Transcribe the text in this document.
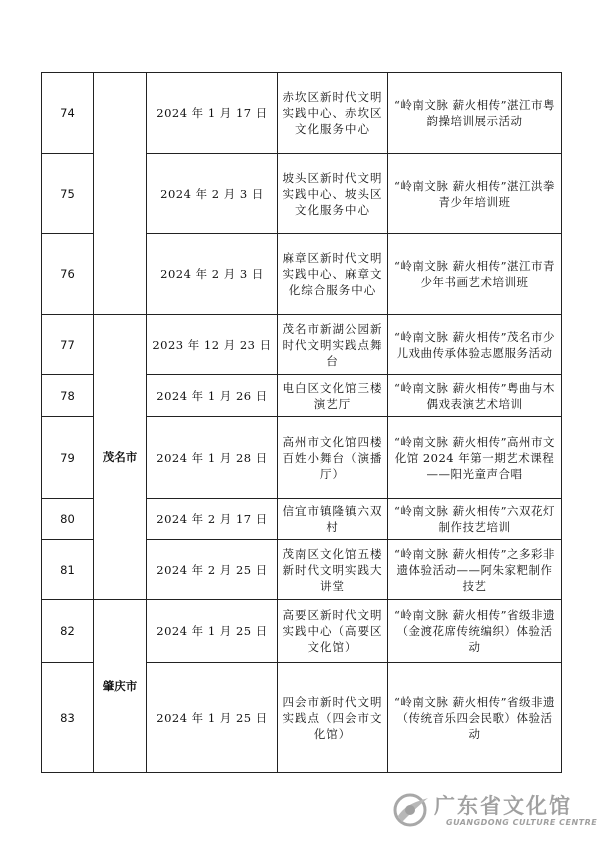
74		2024 年 1 月 17 日	赤坎区新时代文明实践中心、赤坎区文化服务中心	“岭南文脉 薪火相传”湛江市粤韵操培训展示活动
75		2024 年 2 月 3 日	坡头区新时代文明实践中心、坡头区文化服务中心	“岭南文脉 薪火相传”湛江洪拳青少年培训班
76		2024 年 2 月 3 日	麻章区新时代文明实践中心、麻章文化综合服务中心	“岭南文脉 薪火相传”湛江市青少年书画艺术培训班
77	茂名市	2023 年 12 月 23 日	茂名市新湖公园新时代文明实践点舞台	“岭南文脉 薪火相传”茂名市少儿戏曲传承体验志愿服务活动
78		2024 年 1 月 26 日	电白区文化馆三楼演艺厅	“岭南文脉 薪火相传”粤曲与木偶戏表演艺术培训
79		2024 年 1 月 28 日	高州市文化馆四楼百姓小舞台（演播厅）	“岭南文脉 薪火相传”高州市文化馆 2024 年第一期艺术课程——阳光童声合唱
80		2024 年 2 月 17 日	信宜市镇隆镇六双村	“岭南文脉 薪火相传”六双花灯制作技艺培训
81		2024 年 2 月 25 日	茂南区文化馆五楼新时代文明实践大讲堂	“岭南文脉 薪火相传”之多彩非遗体验活动——阿朱家粑制作技艺
82	肇庆市	2024 年 1 月 25 日	高要区新时代文明实践中心（高要区文化馆）	“岭南文脉 薪火相传”省级非遗（金渡花席传统编织）体验活动
83		2024 年 1 月 25 日	四会市新时代文明实践点（四会市文化馆）	“岭南文脉 薪火相传”省级非遗（传统音乐四会民歌）体验活动
广东省文化馆
GUANGDONG CULTURE CENTRE
